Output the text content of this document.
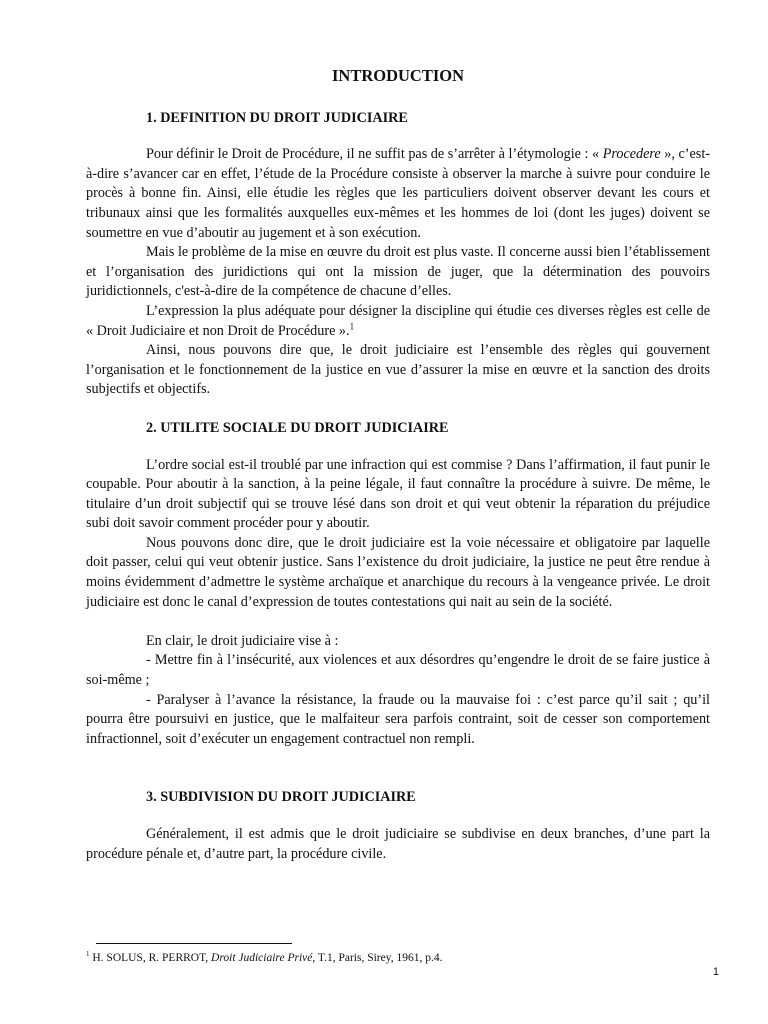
INTRODUCTION
1. DEFINITION DU DROIT JUDICIAIRE

Pour définir le Droit de Procédure, il ne suffit pas de s’arrêter à l’étymologie : « Procedere », c’est-à-dire s’avancer car en effet, l’étude de la Procédure consiste à observer la marche à suivre pour conduire le procès à bonne fin. Ainsi, elle étudie les règles que les particuliers doivent observer devant les cours et tribunaux ainsi que les formalités auxquelles eux-mêmes et les hommes de loi (dont les juges) doivent se soumettre en vue d’aboutir au jugement et à son exécution.

Mais le problème de la mise en œuvre du droit est plus vaste. Il concerne aussi bien l’établissement et l’organisation des juridictions qui ont la mission de juger, que la détermination des pouvoirs juridictionnels, c'est-à-dire de la compétence de chacune d’elles.

L’expression la plus adéquate pour désigner la discipline qui étudie ces diverses règles est celle de « Droit Judiciaire et non Droit de Procédure ».$^1$

Ainsi, nous pouvons dire que, le droit judiciaire est l’ensemble des règles qui gouvernent l’organisation et le fonctionnement de la justice en vue d’assurer la mise en œuvre et la sanction des droits subjectifs et objectifs.

2. UTILITE SOCIALE DU DROIT JUDICIAIRE

L’ordre social est-il troublé par une infraction qui est commise ? Dans l’affirmation, il faut punir le coupable. Pour aboutir à la sanction, à la peine légale, il faut connaître la procédure à suivre. De même, le titulaire d’un droit subjectif qui se trouve lésé dans son droit et qui veut obtenir la réparation du préjudice subi doit savoir comment procéder pour y aboutir.

Nous pouvons donc dire, que le droit judiciaire est la voie nécessaire et obligatoire par laquelle doit passer, celui qui veut obtenir justice. Sans l’existence du droit judiciaire, la justice ne peut être rendue à moins évidemment d’admettre le système archaïque et anarchique du recours à la vengeance privée. Le droit judiciaire est donc le canal d’expression de toutes contestations qui nait au sein de la société.

En clair, le droit judiciaire vise à :

- Mettre fin à l’insécurité, aux violences et aux désordres qu’engendre le droit de se faire justice à soi-même ;

- Paralyser à l’avance la résistance, la fraude ou la mauvaise foi : c’est parce qu’il sait ; qu’il pourra être poursuivi en justice, que le malfaiteur sera parfois contraint, soit de cesser son comportement infractionnel, soit d’exécuter un engagement contractuel non rempli.

3. SUBDIVISION DU DROIT JUDICIAIRE

Généralement, il est admis que le droit judiciaire se subdivise en deux branches, d’une part la procédure pénale et, d’autre part, la procédure civile.

$^1$ H. SOLUS, R. PERROT, Droit Judiciaire Privé, T.1, Paris, Sirey, 1961, p.4.
1
